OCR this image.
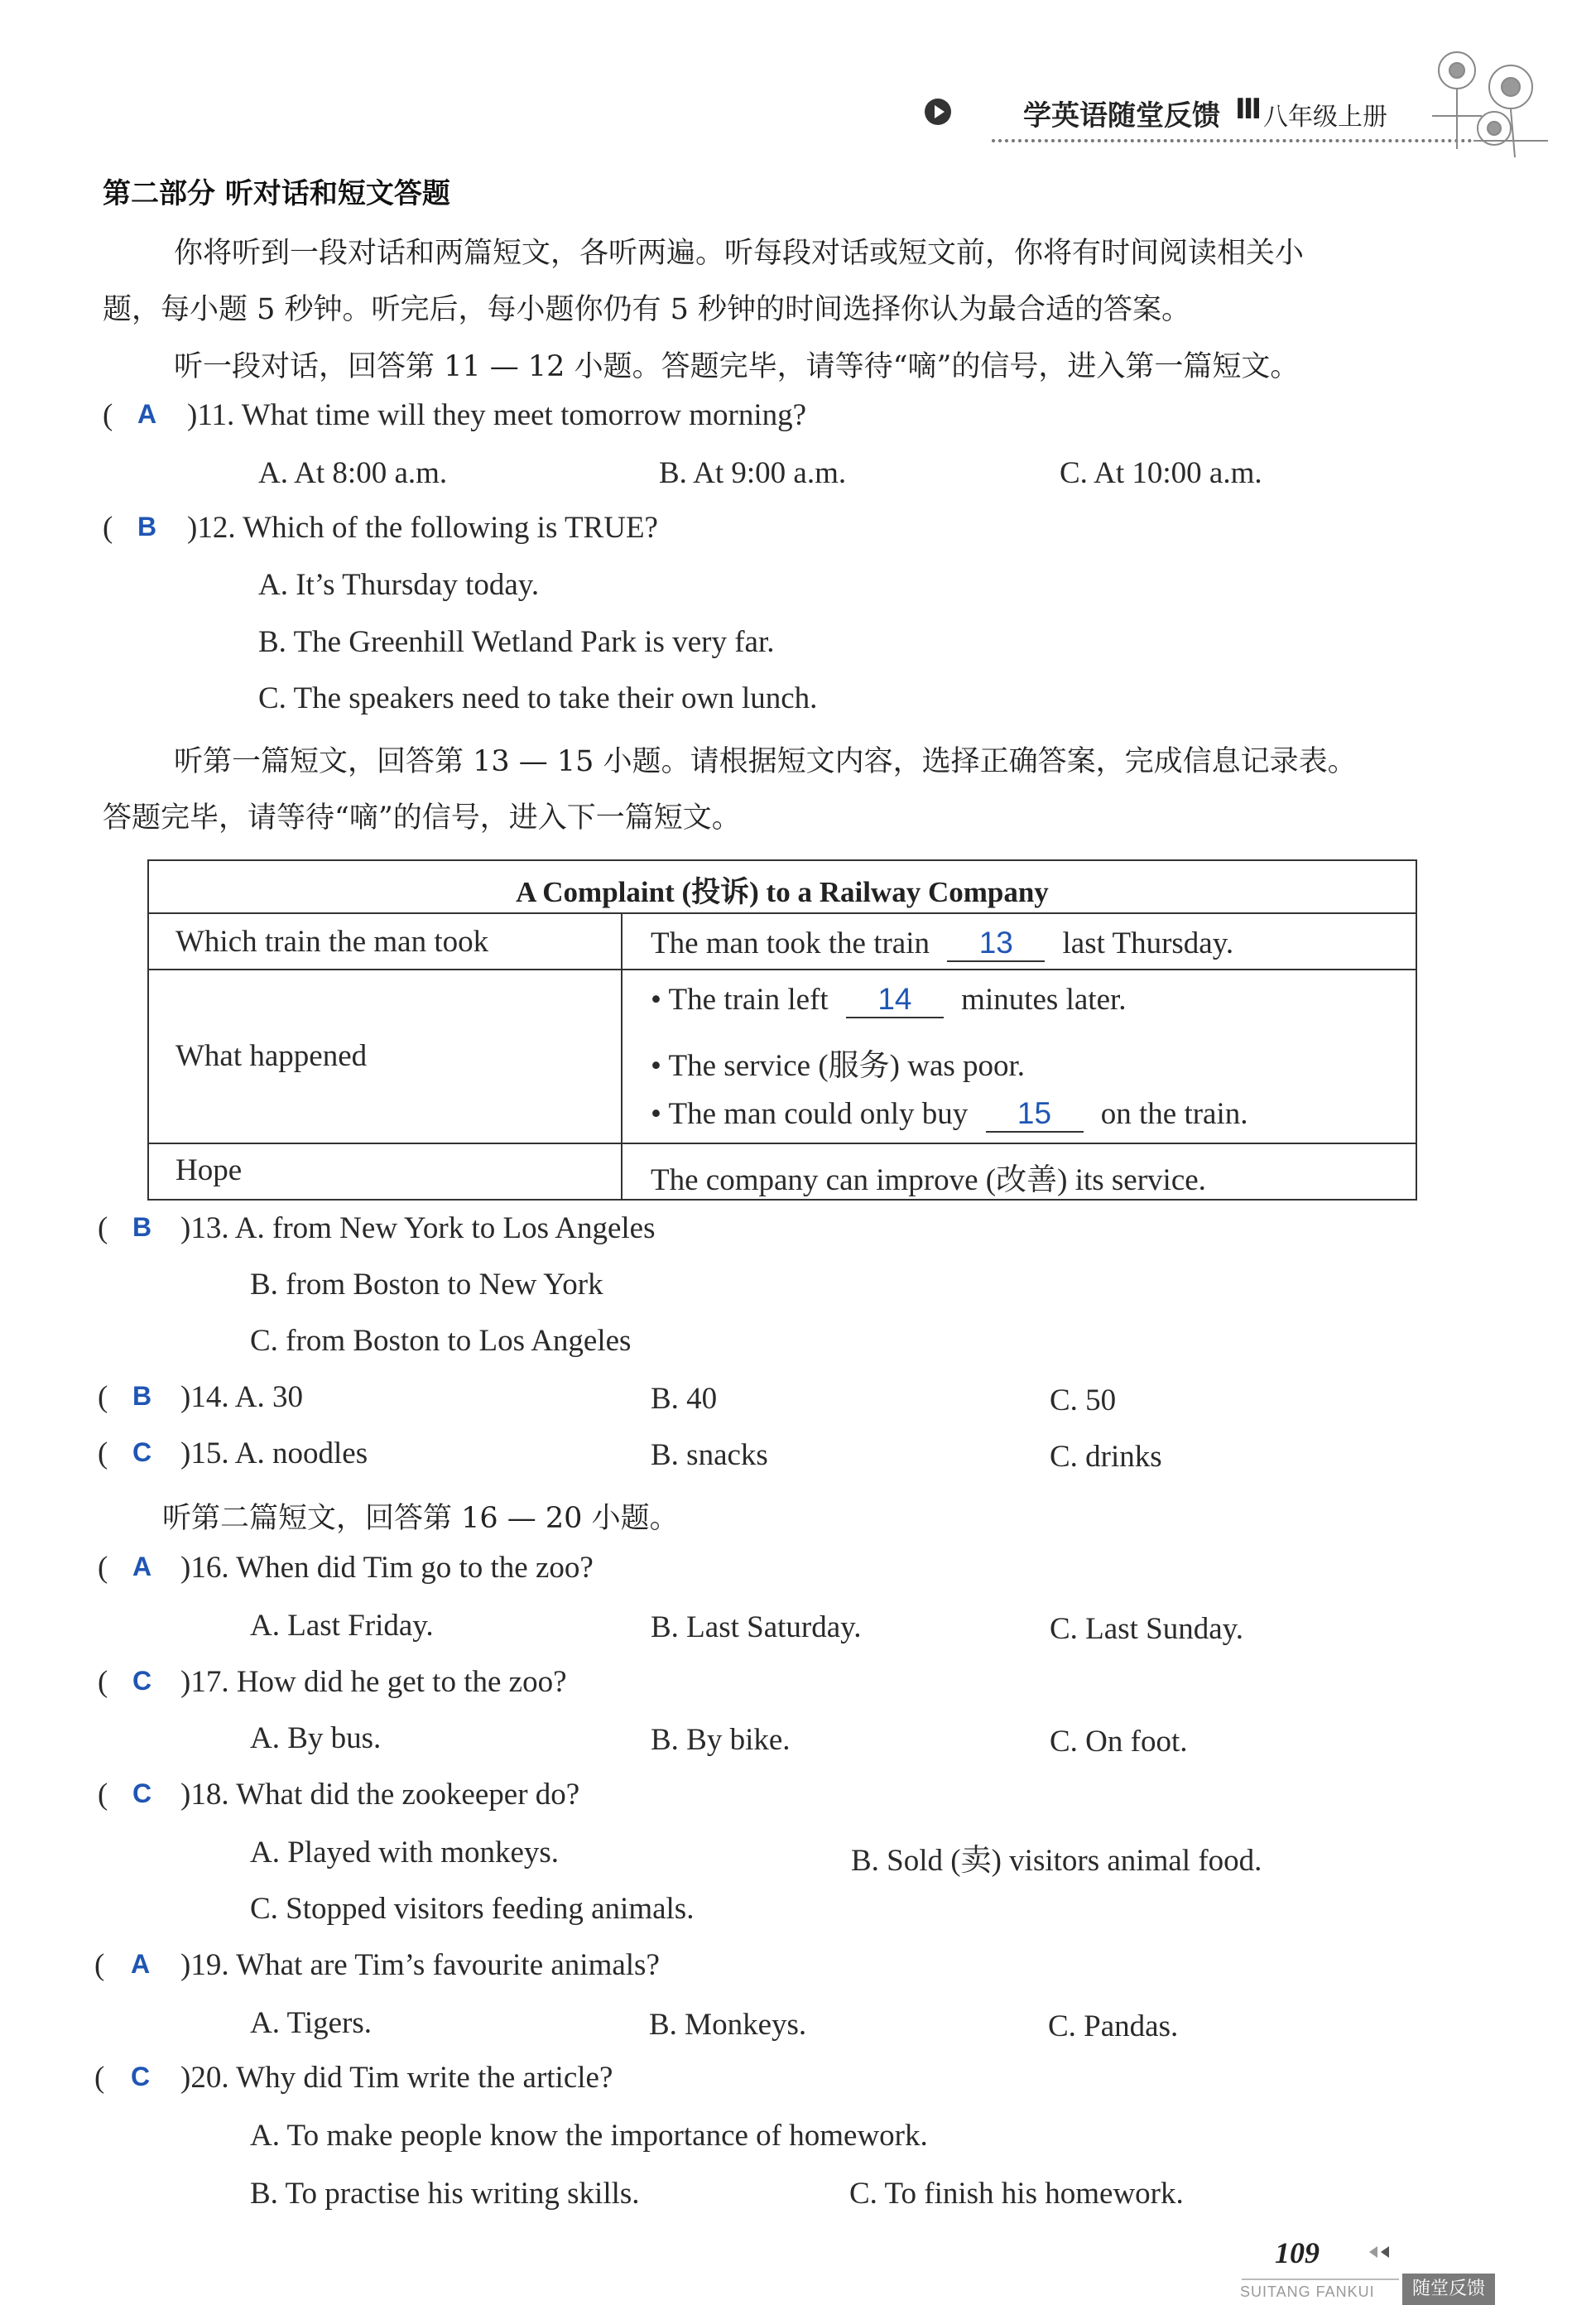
学英语随堂反馈 Ⅲ 八年级上册
第二部分 听对话和短文答题
你将听到一段对话和两篇短文，各听两遍。听每段对话或短文前，你将有时间阅读相关小
题，每小题 5 秒钟。听完后，每小题你仍有 5 秒钟的时间选择你认为最合适的答案。
听一段对话，回答第 11 — 12 小题。答题完毕，请等待“嘀”的信号，进入第一篇短文。
( A )11. What time will they meet tomorrow morning?
A. At 8:00 a.m.	B. At 9:00 a.m.	C. At 10:00 a.m.
( B )12. Which of the following is TRUE?
A. It’s Thursday today.
B. The Greenhill Wetland Park is very far.
C. The speakers need to take their own lunch.
听第一篇短文，回答第 13 — 15 小题。请根据短文内容，选择正确答案，完成信息记录表。
答题完毕，请等待“嘀”的信号，进入下一篇短文。
A Complaint (投诉) to a Railway Company
Which train the man took	The man took the train 13 last Thursday.
What happened
• The train left 14 minutes later.
• The service (服务) was poor.
• The man could only buy 15 on the train.
Hope	The company can improve (改善) its service.
( B )13. A. from New York to Los Angeles
B. from Boston to New York
C. from Boston to Los Angeles
( B )14. A. 30	B. 40	C. 50
( C )15. A. noodles	B. snacks	C. drinks
听第二篇短文，回答第 16 — 20 小题。
( A )16. When did Tim go to the zoo?
A. Last Friday.	B. Last Saturday.	C. Last Sunday.
( C )17. How did he get to the zoo?
A. By bus.	B. By bike.	C. On foot.
( C )18. What did the zookeeper do?
A. Played with monkeys.	B. Sold (卖) visitors animal food.
C. Stopped visitors feeding animals.
( A )19. What are Tim’s favourite animals?
A. Tigers.	B. Monkeys.	C. Pandas.
( C )20. Why did Tim write the article?
A. To make people know the importance of homework.
B. To practise his writing skills.	C. To finish his homework.
109
SUITANG FANKUI	随堂反馈
